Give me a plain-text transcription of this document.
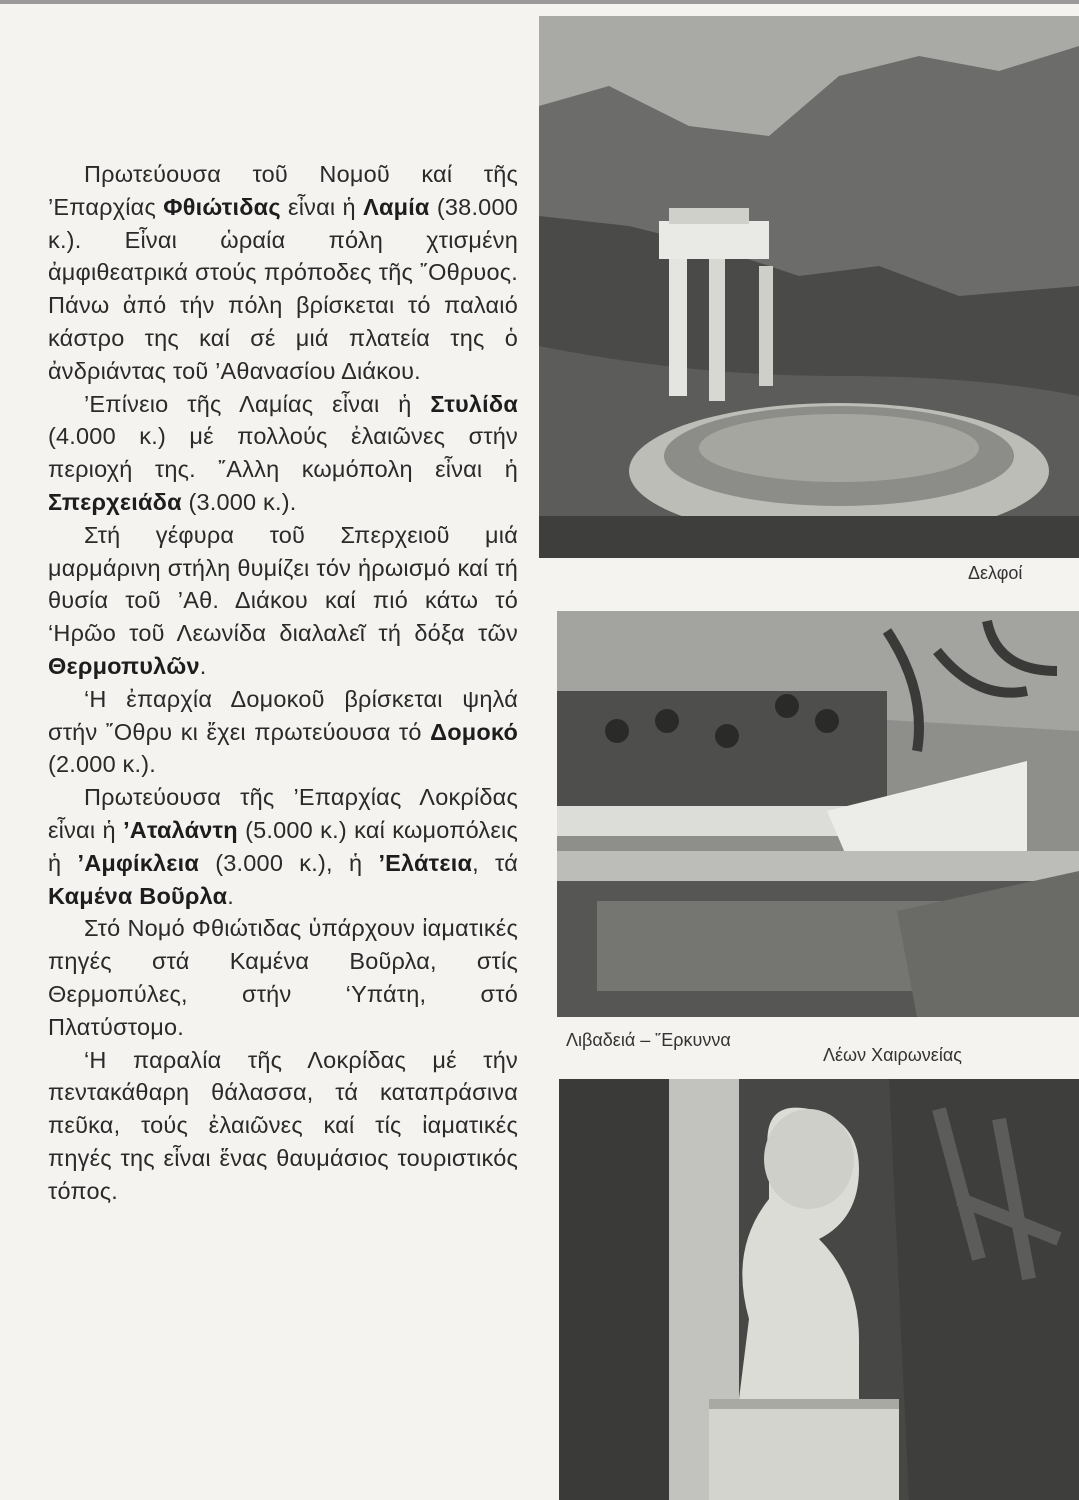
Πρωτεύουσα τοῦ Νομοῦ καί τῆς ’Επαρχίας Φθιώτιδας εἶναι ἡ Λαμία (38.000 κ.). Εἶναι ὡραία πόλη χτισμένη ἀμφιθεατρικά στούς πρόποδες τῆς ῎Οθρυος. Πάνω ἀπό τήν πόλη βρίσκεται τό παλαιό κάστρο της καί σέ μιά πλατεία της ὁ ἀνδριάντας τοῦ ’Αθανασίου Διάκου.

’Επίνειο τῆς Λαμίας εἶναι ἡ Στυλίδα (4.000 κ.) μέ πολλούς ἐλαιῶνες στήν περιοχή της. ῎Αλλη κωμόπολη εἶναι ἡ Σπερχειάδα (3.000 κ.).

Στή γέφυρα τοῦ Σπερχειοῦ μιά μαρμάρινη στήλη θυμίζει τόν ἡρωισμό καί τή θυσία τοῦ ’Αθ. Διάκου καί πιό κάτω τό ‘Ηρῶο τοῦ Λεωνίδα διαλαλεῖ τή δόξα τῶν Θερμοπυλῶν.

‘Η ἐπαρχία Δομοκοῦ βρίσκεται ψηλά στήν ῎Οθρυ κι ἔχει πρωτεύουσα τό Δομοκό (2.000 κ.).

Πρωτεύουσα τῆς ’Επαρχίας Λοκρίδας εἶναι ἡ ’Αταλάντη (5.000 κ.) καί κωμοπόλεις ἡ ’Αμφίκλεια (3.000 κ.), ἡ ’Ελάτεια, τά Καμένα Βοῦρλα.

Στό Νομό Φθιώτιδας ὑπάρχουν ἰαματικές πηγές στά Καμένα Βοῦρλα, στίς Θερμοπύλες, στήν ‘Υπάτη, στό Πλατύστομο.

‘Η παραλία τῆς Λοκρίδας μέ τήν πεντακάθαρη θάλασσα, τά καταπράσινα πεῦκα, τούς ἐλαιῶνες καί τίς ἰαματικές πηγές της εἶναι ἕνας θαυμάσιος τουριστικός τόπος.

Δελφοί
Λιβαδειά – ῞Ερκυννα
Λέων Χαιρωνείας
